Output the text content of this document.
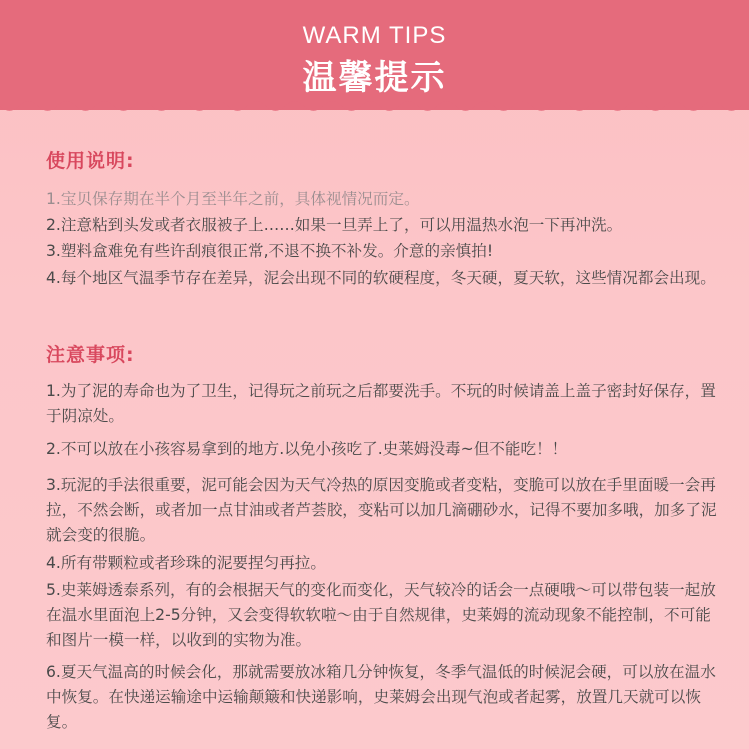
WARM TIPS
温馨提示
使用说明:
1.宝贝保存期在半个月至半年之前，具体视情况而定。
2.注意粘到头发或者衣服被子上……如果一旦弄上了，可以用温热水泡一下再冲洗。
3.塑料盒难免有些许刮痕很正常,不退不换不补发。介意的亲慎拍!
4.每个地区气温季节存在差异，泥会出现不同的软硬程度，冬天硬，夏天软，这些情况都会出现。
注意事项:
1.为了泥的寿命也为了卫生，记得玩之前玩之后都要洗手。不玩的时候请盖上盖子密封好保存，置于阴凉处。
2.不可以放在小孩容易拿到的地方.以免小孩吃了.史莱姆没毒~但不能吃！！
3.玩泥的手法很重要，泥可能会因为天气冷热的原因变脆或者变粘，变脆可以放在手里面暖一会再拉，不然会断，或者加一点甘油或者芦荟胶，变粘可以加几滴硼砂水，记得不要加多哦，加多了泥就会变的很脆。
4.所有带颗粒或者珍珠的泥要捏匀再拉。
5.史莱姆透泰系列，有的会根据天气的变化而变化，天气较冷的话会一点硬哦～可以带包装一起放在温水里面泡上2-5分钟，又会变得软软啦～由于自然规律，史莱姆的流动现象不能控制，不可能和图片一模一样，以收到的实物为准。
6.夏天气温高的时候会化，那就需要放冰箱几分钟恢复，冬季气温低的时候泥会硬，可以放在温水中恢复。在快递运输途中运输颠簸和快递影响，史莱姆会出现气泡或者起雾，放置几天就可以恢复。
